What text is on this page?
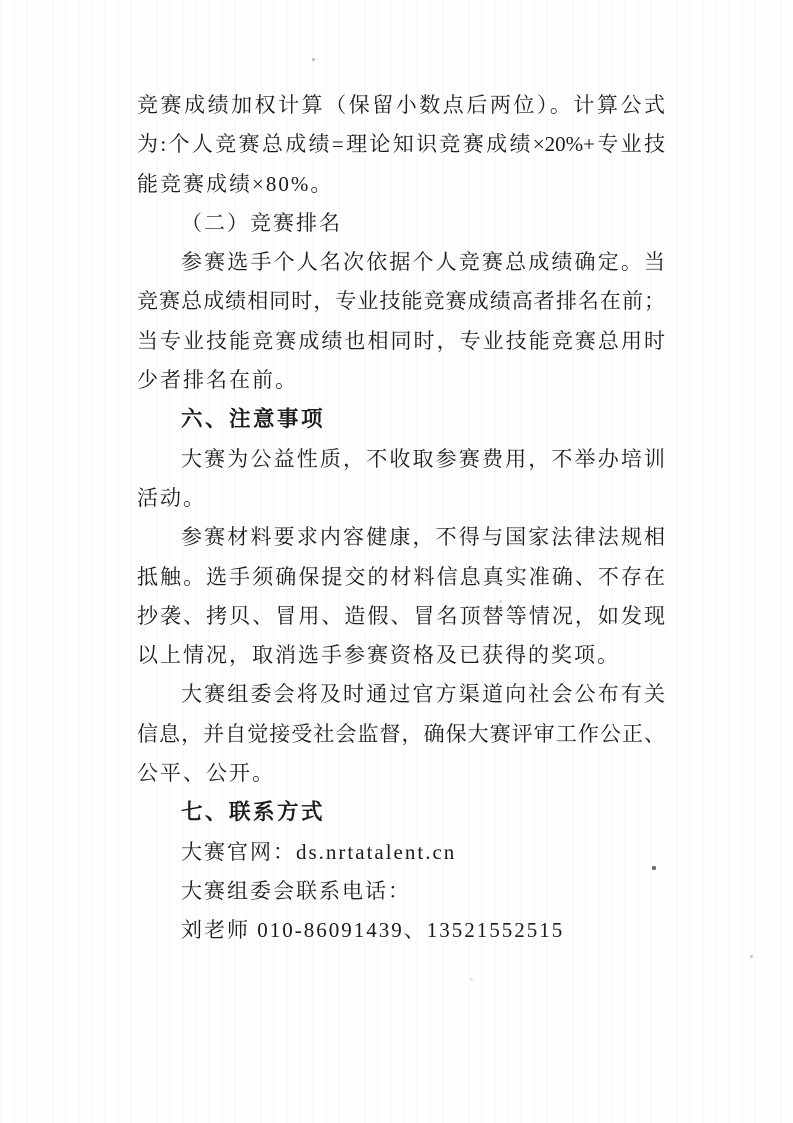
竞赛成绩加权计算（保留小数点后两位）。计算公式
为:个人竞赛总成绩=理论知识竞赛成绩×20%+专业技
能竞赛成绩×80%。
（二）竞赛排名
参赛选手个人名次依据个人竞赛总成绩确定。当
竞赛总成绩相同时，专业技能竞赛成绩高者排名在前；
当专业技能竞赛成绩也相同时，专业技能竞赛总用时
少者排名在前。
六、注意事项
大赛为公益性质，不收取参赛费用，不举办培训
活动。
参赛材料要求内容健康，不得与国家法律法规相
抵触。选手须确保提交的材料信息真实准确、不存在
抄袭、拷贝、冒用、造假、冒名顶替等情况，如发现
以上情况，取消选手参赛资格及已获得的奖项。
大赛组委会将及时通过官方渠道向社会公布有关
信息，并自觉接受社会监督，确保大赛评审工作公正、
公平、公开。
七、联系方式
大赛官网：ds.nrtatalent.cn
大赛组委会联系电话：
刘老师 010-86091439、13521552515
